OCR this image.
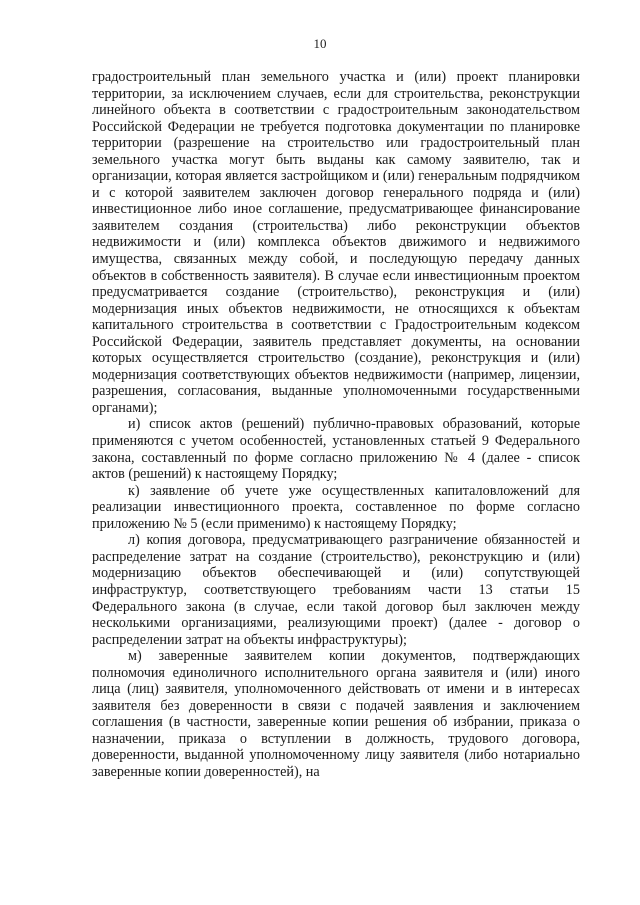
10

градостроительный план земельного участка и (или) проект планировки территории, за исключением случаев, если для строительства, реконструкции линейного объекта в соответствии с градостроительным законодательством Российской Федерации не требуется подготовка документации по планировке территории (разрешение на строительство или градостроительный план земельного участка могут быть выданы как самому заявителю, так и организации, которая является застройщиком и (или) генеральным подрядчиком и с которой заявителем заключен договор генерального подряда и (или) инвестиционное либо иное соглашение, предусматривающее финансирование заявителем создания (строительства) либо реконструкции объектов недвижимости и (или) комплекса объектов движимого и недвижимого имущества, связанных между собой, и последующую передачу данных объектов в собственность заявителя). В случае если инвестиционным проектом предусматривается создание (строительство), реконструкция и (или) модернизация иных объектов недвижимости, не относящихся к объектам капитального строительства в соответствии с Градостроительным кодексом Российской Федерации, заявитель представляет документы, на основании которых осуществляется строительство (создание), реконструкция и (или) модернизация соответствующих объектов недвижимости (например, лицензии, разрешения, согласования, выданные уполномоченными государственными органами);

и) список актов (решений) публично-правовых образований, которые применяются с учетом особенностей, установленных статьей 9 Федерального закона, составленный по форме согласно приложению № 4 (далее - список актов (решений) к настоящему Порядку;

к) заявление об учете уже осуществленных капиталовложений для реализации инвестиционного проекта, составленное по форме согласно приложению № 5 (если применимо) к настоящему Порядку;

л) копия договора, предусматривающего разграничение обязанностей и распределение затрат на создание (строительство), реконструкцию и (или) модернизацию объектов обеспечивающей и (или) сопутствующей инфраструктур, соответствующего требованиям части 13 статьи 15 Федерального закона (в случае, если такой договор был заключен между несколькими организациями, реализующими проект) (далее - договор о распределении затрат на объекты инфраструктуры);

м) заверенные заявителем копии документов, подтверждающих полномочия единоличного исполнительного органа заявителя и (или) иного лица (лиц) заявителя, уполномоченного действовать от имени и в интересах заявителя без доверенности в связи с подачей заявления и заключением соглашения (в частности, заверенные копии решения об избрании, приказа о назначении, приказа о вступлении в должность, трудового договора, доверенности, выданной уполномоченному лицу заявителя (либо нотариально заверенные копии доверенностей), на
